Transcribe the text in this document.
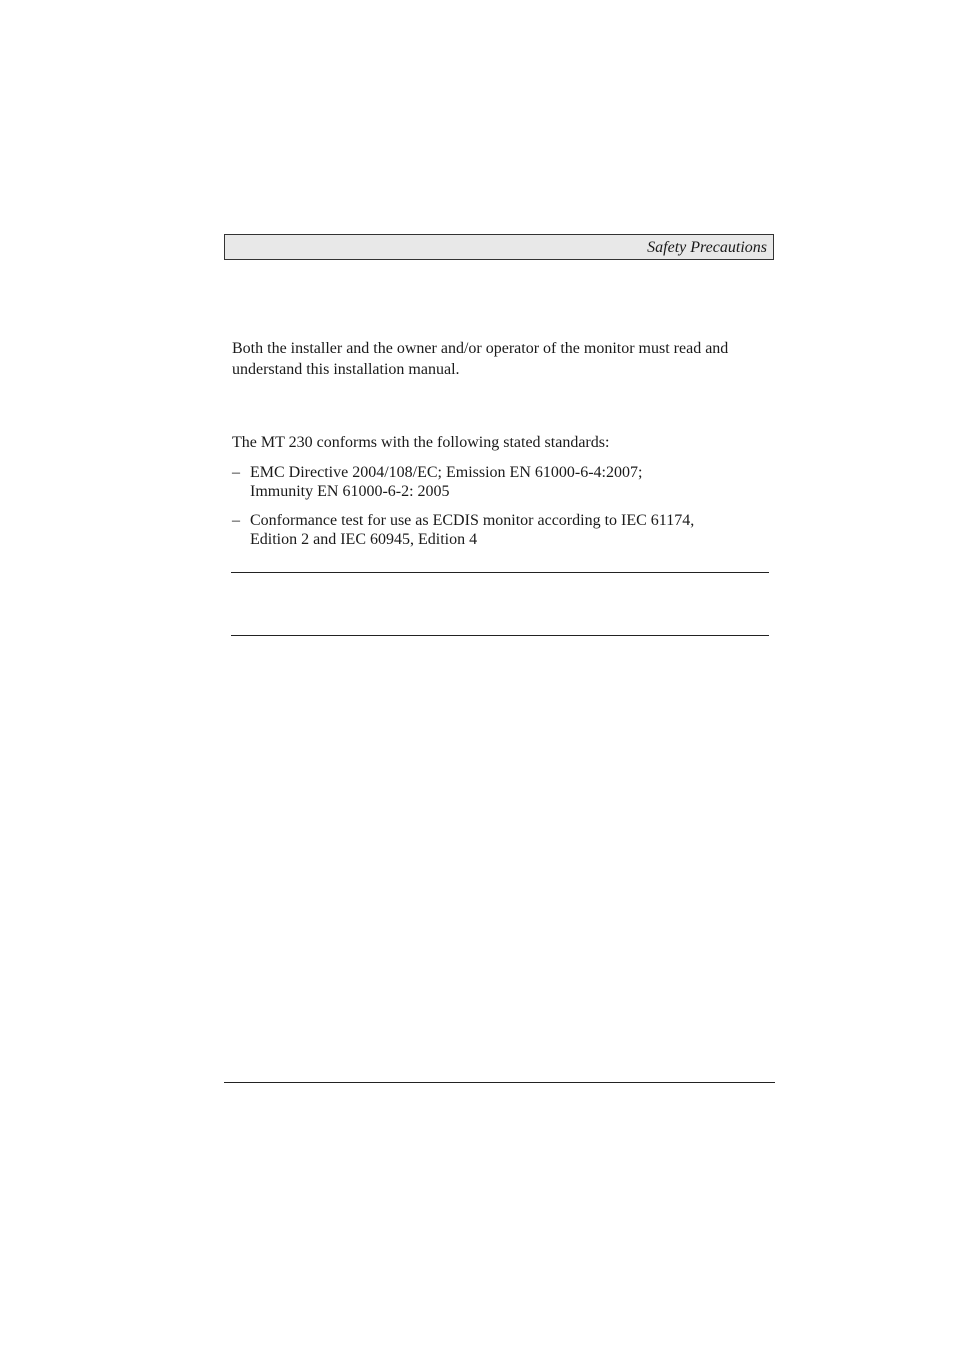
Safety Precautions

Both the installer and the owner and/or operator of the monitor must read and understand this installation manual.

The MT 230 conforms with the following stated standards:

– EMC Directive 2004/108/EC; Emission EN 61000-6-4:2007;
Immunity EN 61000-6-2: 2005
– Conformance test for use as ECDIS monitor according to IEC 61174,
Edition 2 and IEC 60945, Edition 4
